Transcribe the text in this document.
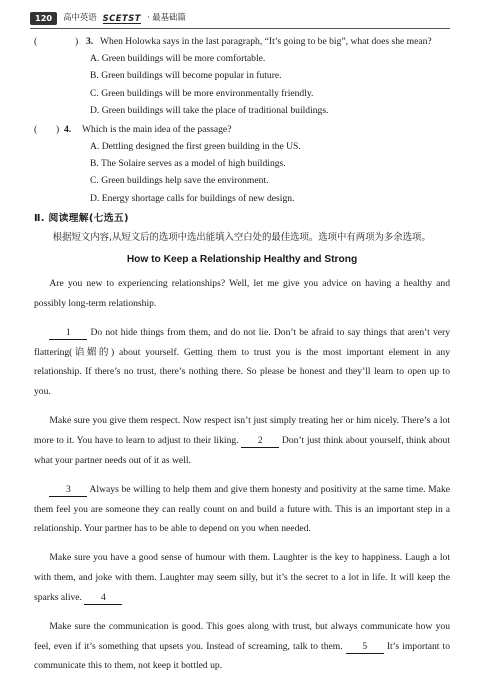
120	高中英语 SCETST · 最基础篇
(	) 3. When Holowka says in the last paragraph, “It’s going to be big”, what does she mean?
A. Green buildings will be more comfortable.
B. Green buildings will become popular in future.
C. Green buildings will be more environmentally friendly.
D. Green buildings will take the place of traditional buildings.
( ) 4. Which is the main idea of the passage?
A. Dettling designed the first green building in the US.
B. The Solaire serves as a model of high buildings.
C. Green buildings help save the environment.
D. Energy shortage calls for buildings of new design.
Ⅱ. 阅读理解(七选五)
根据短文内容,从短文后的选项中选出能填入空白处的最佳选项。选项中有两项为多余选项。
How to Keep a Relationship Healthy and Strong

Are you new to experiencing relationships? Well, let me give you advice on having a healthy and possibly long-term relationship.

1 Do not hide things from them, and do not lie. Don’t be afraid to say things that aren’t very flattering(谄媚的) about yourself. Getting them to trust you is the most important element in any relationship. If there’s no trust, there’s nothing there. So please be honest and they’ll learn to open up to you.

Make sure you give them respect. Now respect isn’t just simply treating her or him nicely. There’s a lot more to it. You have to learn to adjust to their liking. 2 Don’t just think about yourself, think about what your partner needs out of it as well.

3 Always be willing to help them and give them honesty and positivity at the same time. Make them feel you are someone they can really count on and build a future with. This is an important step in a relationship. Your partner has to be able to depend on you when needed.

Make sure you have a good sense of humour with them. Laughter is the key to happiness. Laugh a lot with them, and joke with them. Laughter may seem silly, but it’s the secret to a lot in life. It will keep the sparks alive. 4

Make sure the communication is good. This goes along with trust, but always communicate how you feel, even if it’s something that upsets you. Instead of screaming, talk to them. 5 It’s important to communicate this to them, not keep it bottled up.
